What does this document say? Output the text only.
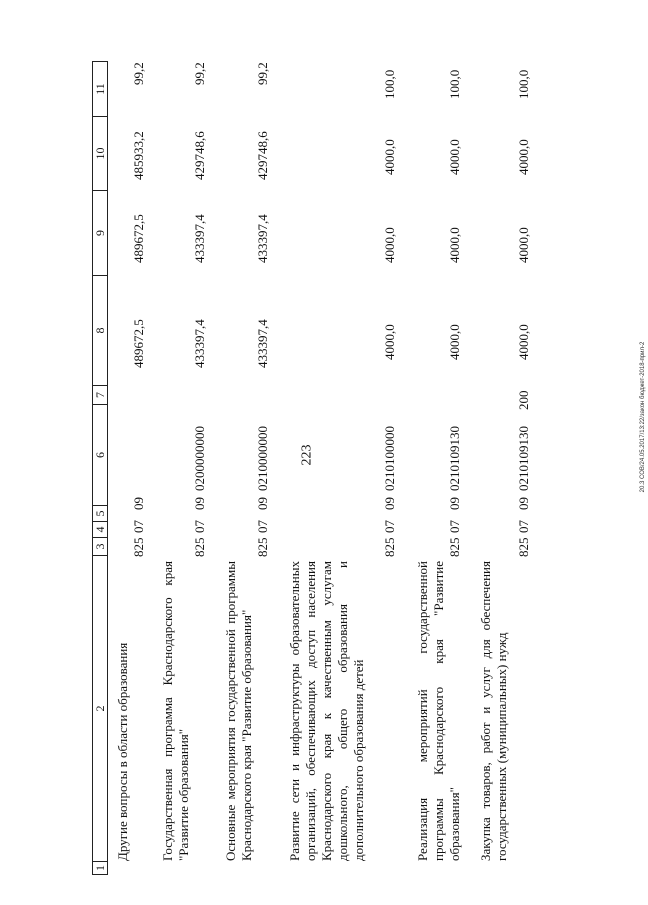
223	20.3 СОВ/24.05.2017/13:22/закон бюджет-2018-прил-2
1
2
3
4
5
6
7
8
9
10
11
Другие вопросы в области образования
825
07
09
489672,5
489672,5
485933,2
99,2
Государственная программа Краснодарского края "Развитие образования"
825
07
09
0200000000
433397,4
433397,4
429748,6
99,2
Основные мероприятия государственной программы Краснодарского края "Развитие образования"
825
07
09
0210000000
433397,4
433397,4
429748,6
99,2
Развитие сети и инфраструктуры образовательных организаций, обеспечивающих доступ населения Краснодарского края к качественным услугам дошкольного, общего образования и дополнительного образования детей
825
07
09
0210100000
4000,0
4000,0
4000,0
100,0
Реализация мероприятий государственной программы Краснодарского края "Развитие образования"
825
07
09
0210109130
4000,0
4000,0
4000,0
100,0
Закупка товаров, работ и услуг для обеспечения государственных (муниципальных) нужд
825
07
09
0210109130
200
4000,0
4000,0
4000,0
100,0
